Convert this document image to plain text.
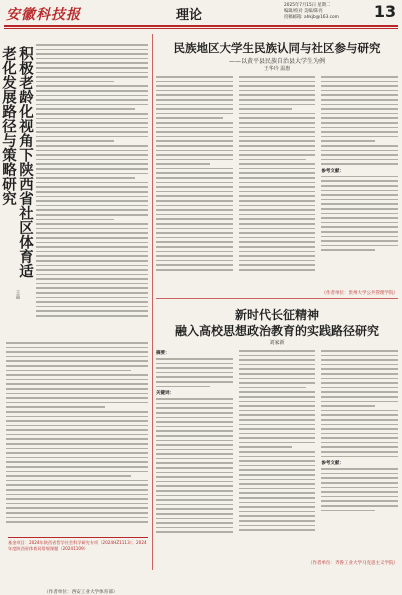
安徽科技报	理论
2025年7月15日 星期二
编辑/校对 美编/陈亮
投稿邮箱: ahkjb@163.com	13
积极老龄化视角下陕西省社区体育适老化发展路径与策略研究
王晶
基金项目：2024年陕西省哲学社会科学研究专项（2024HZ1113）；2024年度陕西省体育局常规课题（20241109）
（作者单位：西安工业大学体育部）
民族地区大学生民族认同与社区参与研究
——以黄平县民族自治县大学生为例
王华玲 温惠
参考文献：
（作者单位：贵州大学公共管理学院）
新时代长征精神
融入高校思想政治教育的实践路径研究
刘家新
摘要：
关键词：
参考文献：
（作者单位：齐鲁工业大学马克思主义学院）
